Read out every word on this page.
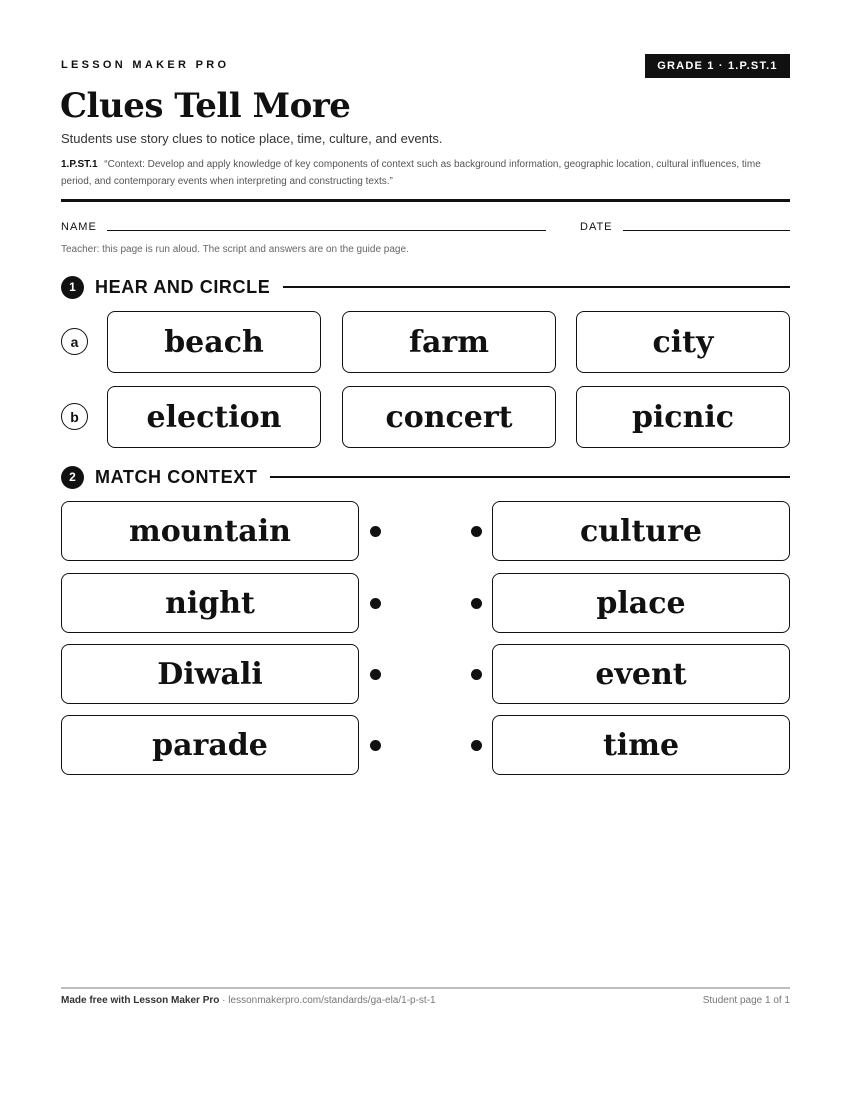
LESSON MAKER PRO	GRADE 1 · 1.P.ST.1
Clues Tell More
Students use story clues to notice place, time, culture, and events.
1.P.ST.1 “Context: Develop and apply knowledge of key components of context such as background information, geographic location, cultural influences, time period, and contemporary events when interpreting and constructing texts.”
NAME	DATE
Teacher: this page is run aloud. The script and answers are on the guide page.
1	HEAR AND CIRCLE
a	beach	farm	city
b	election	concert	picnic
2	MATCH CONTEXT
mountain	culture
night	place
Diwali	event
parade	time
Made free with Lesson Maker Pro · lessonmakerpro.com/standards/ga-ela/1-p-st-1	Student page 1 of 1
